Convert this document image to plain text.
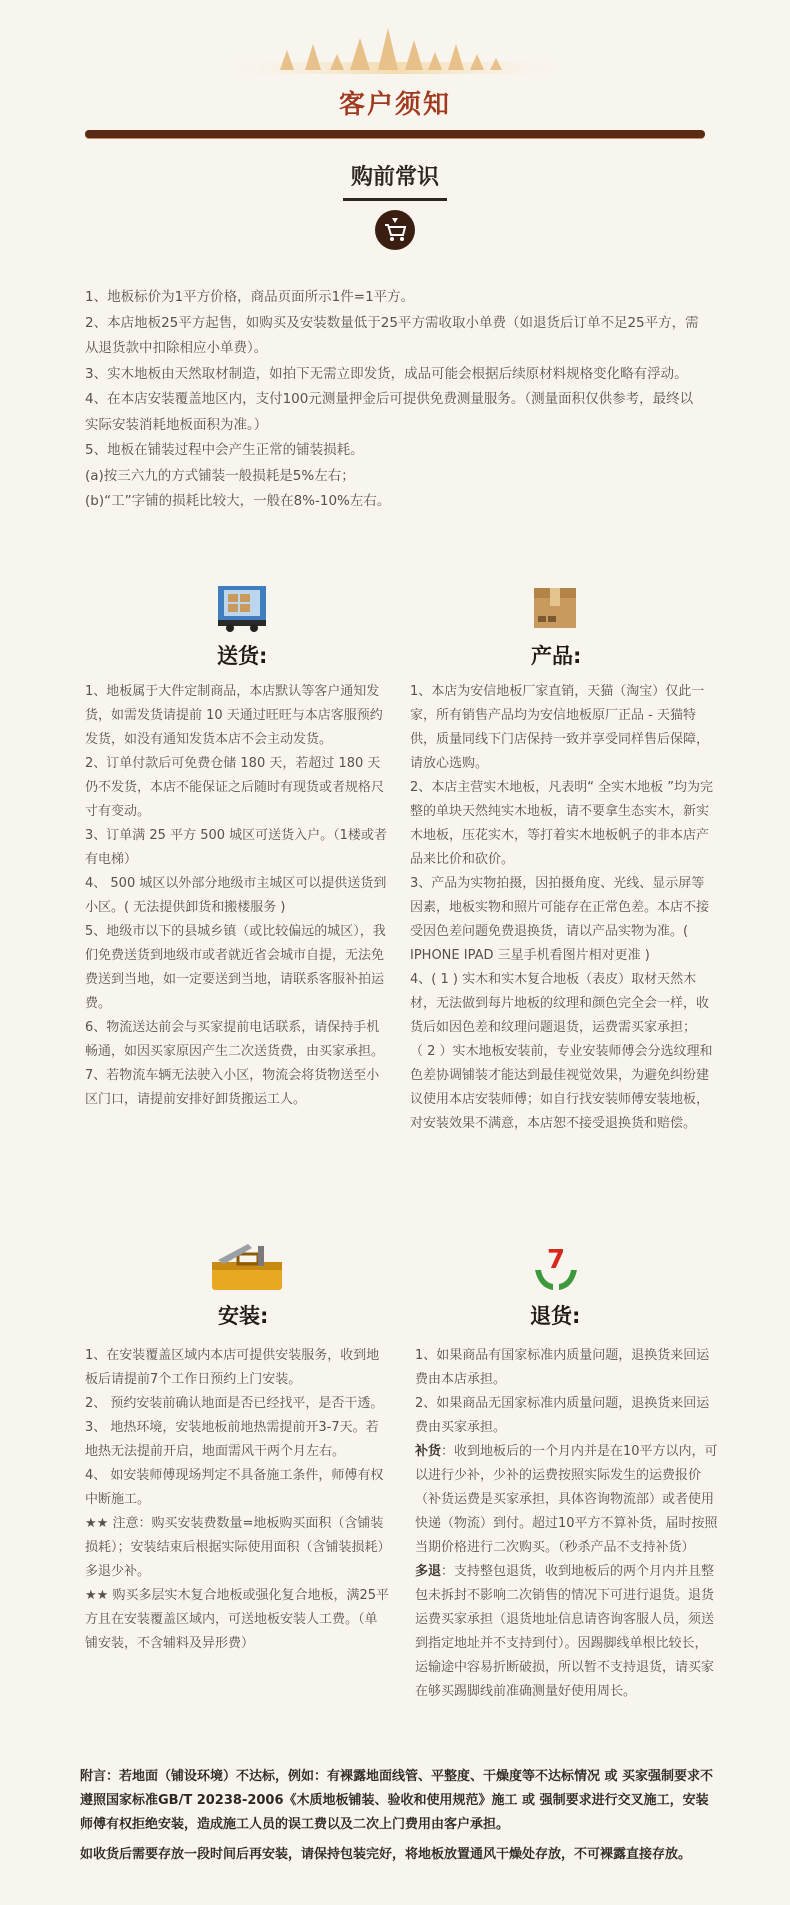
客户须知
购前常识

1、地板标价为1平方价格，商品页面所示1件=1平方。

2、本店地板25平方起售，如购买及安装数量低于25平方需收取小单费（如退货后订单不足25平方，需从退货款中扣除相应小单费）。

3、实木地板由天然取材制造，如拍下无需立即发货，成品可能会根据后续原材料规格变化略有浮动。

4、在本店安装覆盖地区内，支付100元测量押金后可提供免费测量服务。（测量面积仅供参考，最终以实际安装消耗地板面积为准。）

5、地板在铺装过程中会产生正常的铺装损耗。

(a)按三六九的方式铺装一般损耗是5%左右；

(b)“工”字铺的损耗比较大，一般在8%-10%左右。

送货:

1、地板属于大件定制商品，本店默认等客户通知发货，如需发货请提前 10 天通过旺旺与本店客服预约发货，如没有通知发货本店不会主动发货。

2、订单付款后可免费仓储 180 天，若超过 180 天仍不发货，本店不能保证之后随时有现货或者规格尺寸有变动。

3、订单满 25 平方 500 城区可送货入户。（1楼或者有电梯）

4、 500 城区以外部分地级市主城区可以提供送货到小区。( 无法提供卸货和搬楼服务 )

5、地级市以下的县城乡镇（或比较偏远的城区），我们免费送货到地级市或者就近省会城市自提，无法免费送到当地，如一定要送到当地，请联系客服补拍运费。

6、物流送达前会与买家提前电话联系，请保持手机畅通，如因买家原因产生二次送货费，由买家承担。

7、若物流车辆无法驶入小区，物流会将货物送至小区门口，请提前安排好卸货搬运工人。

产品:

1、本店为安信地板厂家直销，天猫（淘宝）仅此一家，所有销售产品均为安信地板原厂正品 - 天猫特供，质量同线下门店保持一致并享受同样售后保障，请放心选购。

2、本店主营实木地板，凡表明“ 全实木地板 ”均为完整的单块天然纯实木地板，请不要拿生态实木，新实木地板，压花实木，等打着实木地板帆子的非本店产品来比价和砍价。

3、产品为实物拍摄，因拍摄角度、光线、显示屏等因素，地板实物和照片可能存在正常色差。本店不接受因色差问题免费退换货，请以产品实物为准。( IPHONE IPAD 三星手机看图片相对更准 )

4、( 1 ) 实木和实木复合地板（表皮）取材天然木材，无法做到每片地板的纹理和颜色完全会一样，收货后如因色差和纹理问题退货，运费需买家承担；

（ 2 ）实木地板安装前，专业安装师傅会分选纹理和色差协调铺装才能达到最佳视觉效果，为避免纠纷建议使用本店安装师傅；如自行找安装师傅安装地板，对安装效果不满意，本店恕不接受退换货和赔偿。

安装:

1、在安装覆盖区域内本店可提供安装服务，收到地板后请提前7个工作日预约上门安装。

2、 预约安装前确认地面是否已经找平，是否干透。

3、 地热环境，安装地板前地热需提前开3-7天。若地热无法提前开启，地面需风干两个月左右。

4、 如安装师傅现场判定不具备施工条件，师傅有权中断施工。

★★ 注意：购买安装费数量=地板购买面积（含铺装损耗）；安装结束后根据实际使用面积（含铺装损耗）多退少补。

★★ 购买多层实木复合地板或强化复合地板，满25平方且在安装覆盖区域内，可送地板安装人工费。（单铺安装，不含辅料及异形费）

7
退货:

1、如果商品有国家标准内质量问题，退换货来回运费由本店承担。

2、如果商品无国家标准内质量问题，退换货来回运费由买家承担。

补货：收到地板后的一个月内并是在10平方以内，可以进行少补，少补的运费按照实际发生的运费报价（补货运费是买家承担，具体咨询物流部）或者使用快递（物流）到付。超过10平方不算补货，届时按照当期价格进行二次购买。（秒杀产品不支持补货）

多退：支持整包退货，收到地板后的两个月内并且整包未拆封不影响二次销售的情况下可进行退货。退货运费买家承担（退货地址信息请咨询客服人员，须送到指定地址并不支持到付）。因踢脚线单根比较长，运输途中容易折断破损，所以暂不支持退货，请买家在够买踢脚线前准确测量好使用周长。

附言：若地面（铺设环境）不达标，例如：有裸露地面线管、平整度、干燥度等不达标情况 或 买家强制要求不遵照国家标准GB/T 20238-2006《木质地板铺装、验收和使用规范》施工 或 强制要求进行交叉施工，安装师傅有权拒绝安装，造成施工人员的误工费以及二次上门费用由客户承担。

如收货后需要存放一段时间后再安装，请保持包装完好，将地板放置通风干燥处存放，不可裸露直接存放。
